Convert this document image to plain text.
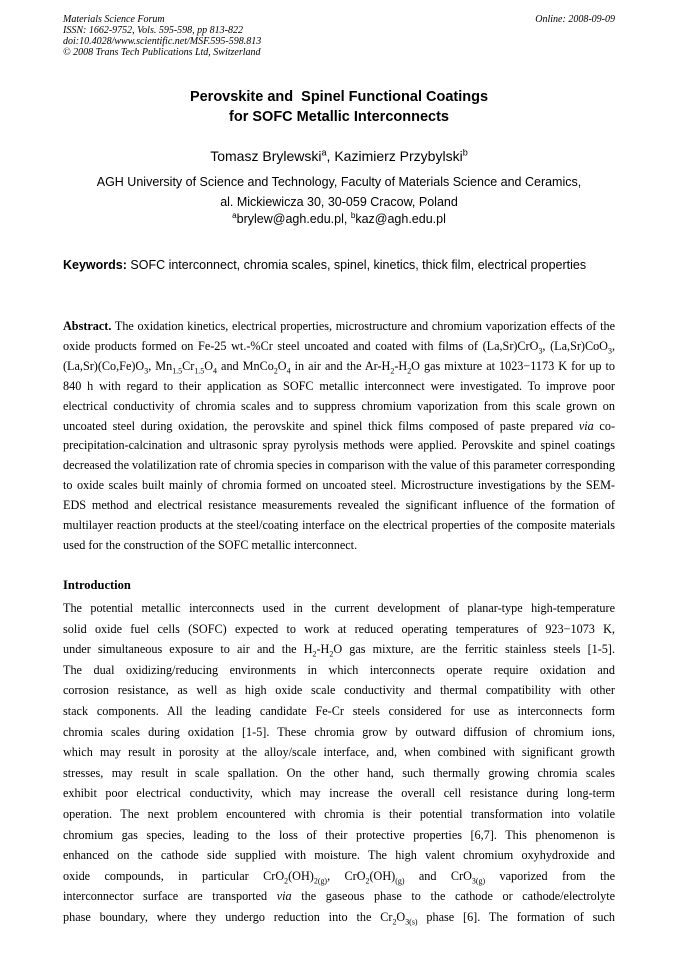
Materials Science Forum
ISSN: 1662-9752, Vols. 595-598, pp 813-822
doi:10.4028/www.scientific.net/MSF.595-598.813
© 2008 Trans Tech Publications Ltd, Switzerland
Online: 2008-09-09
Perovskite and  Spinel Functional Coatings
for SOFC Metallic Interconnects
Tomasz Brylewski$^a$, Kazimierz Przybylski$^b$
AGH University of Science and Technology, Faculty of Materials Science and Ceramics,
al. Mickiewicza 30, 30-059 Cracow, Poland
$^a$brylew@agh.edu.pl, $^b$kaz@agh.edu.pl
Keywords: SOFC interconnect, chromia scales, spinel, kinetics, thick film, electrical properties
Abstract. The oxidation kinetics, electrical properties, microstructure and chromium vaporization effects of the oxide products formed on Fe-25 wt.-%Cr steel uncoated and coated with films of (La,Sr)CrO$_3$, (La,Sr)CoO$_3$, $(La,Sr)(Co,Fe)O_3$, $Mn_{1.5}Cr_{1.5}O_4$ and $MnCo_2O_4$ in air and the $Ar-H_2-H_2O$ gas mixture at 1023−1173 K for up to 840 h with regard to their application as SOFC metallic interconnect were investigated. To improve poor electrical conductivity of chromia scales and to suppress chromium vaporization from this scale grown on uncoated steel during oxidation, the perovskite and spinel thick films composed of paste prepared via co-precipitation-calcination and ultrasonic spray pyrolysis methods were applied. Perovskite and spinel coatings decreased the volatilization rate of chromia species in comparison with the value of this parameter corresponding to oxide scales built mainly of chromia formed on uncoated steel. Microstructure investigations by the SEM-EDS method and electrical resistance measurements revealed the significant influence of the formation of multilayer reaction products at the steel/coating interface on the electrical properties of the composite materials used for the construction of the SOFC metallic interconnect.
Introduction
The potential metallic interconnects used in the current development of planar-type high-temperature
solid oxide fuel cells (SOFC) expected to work at reduced operating temperatures of 923−1073 K,
under simultaneous exposure to air and the $H_2-H_2O$ gas mixture, are the ferritic stainless steels [1-5].
The dual oxidizing/reducing environments in which interconnects operate require oxidation and
corrosion resistance, as well as high oxide scale conductivity and thermal compatibility with other
stack components. All the leading candidate Fe-Cr steels considered for use as interconnects form
chromia scales during oxidation [1-5]. These chromia grow by outward diffusion of chromium ions,
which may result in porosity at the alloy/scale interface, and, when combined with significant growth
stresses, may result in scale spallation. On the other hand, such thermally growing chromia scales
exhibit poor electrical conductivity, which may increase the overall cell resistance during long-term
operation. The next problem encountered with chromia is their potential transformation into volatile
chromium gas species, leading to the loss of their protective properties [6,7]. This phenomenon is
enhanced on the cathode side supplied with moisture. The high valent chromium oxyhydroxide and
oxide compounds, in particular $CrO_2(OH)_{2(g)}$, $CrO_2(OH)_{(g)}$ and CrO$_{3(g)}$ vaporized from the
interconnector surface are transported via the gaseous phase to the cathode or cathode/electrolyte
phase boundary, where they undergo reduction into the $Cr_2O_{3(s)}$ phase [6]. The formation of such
